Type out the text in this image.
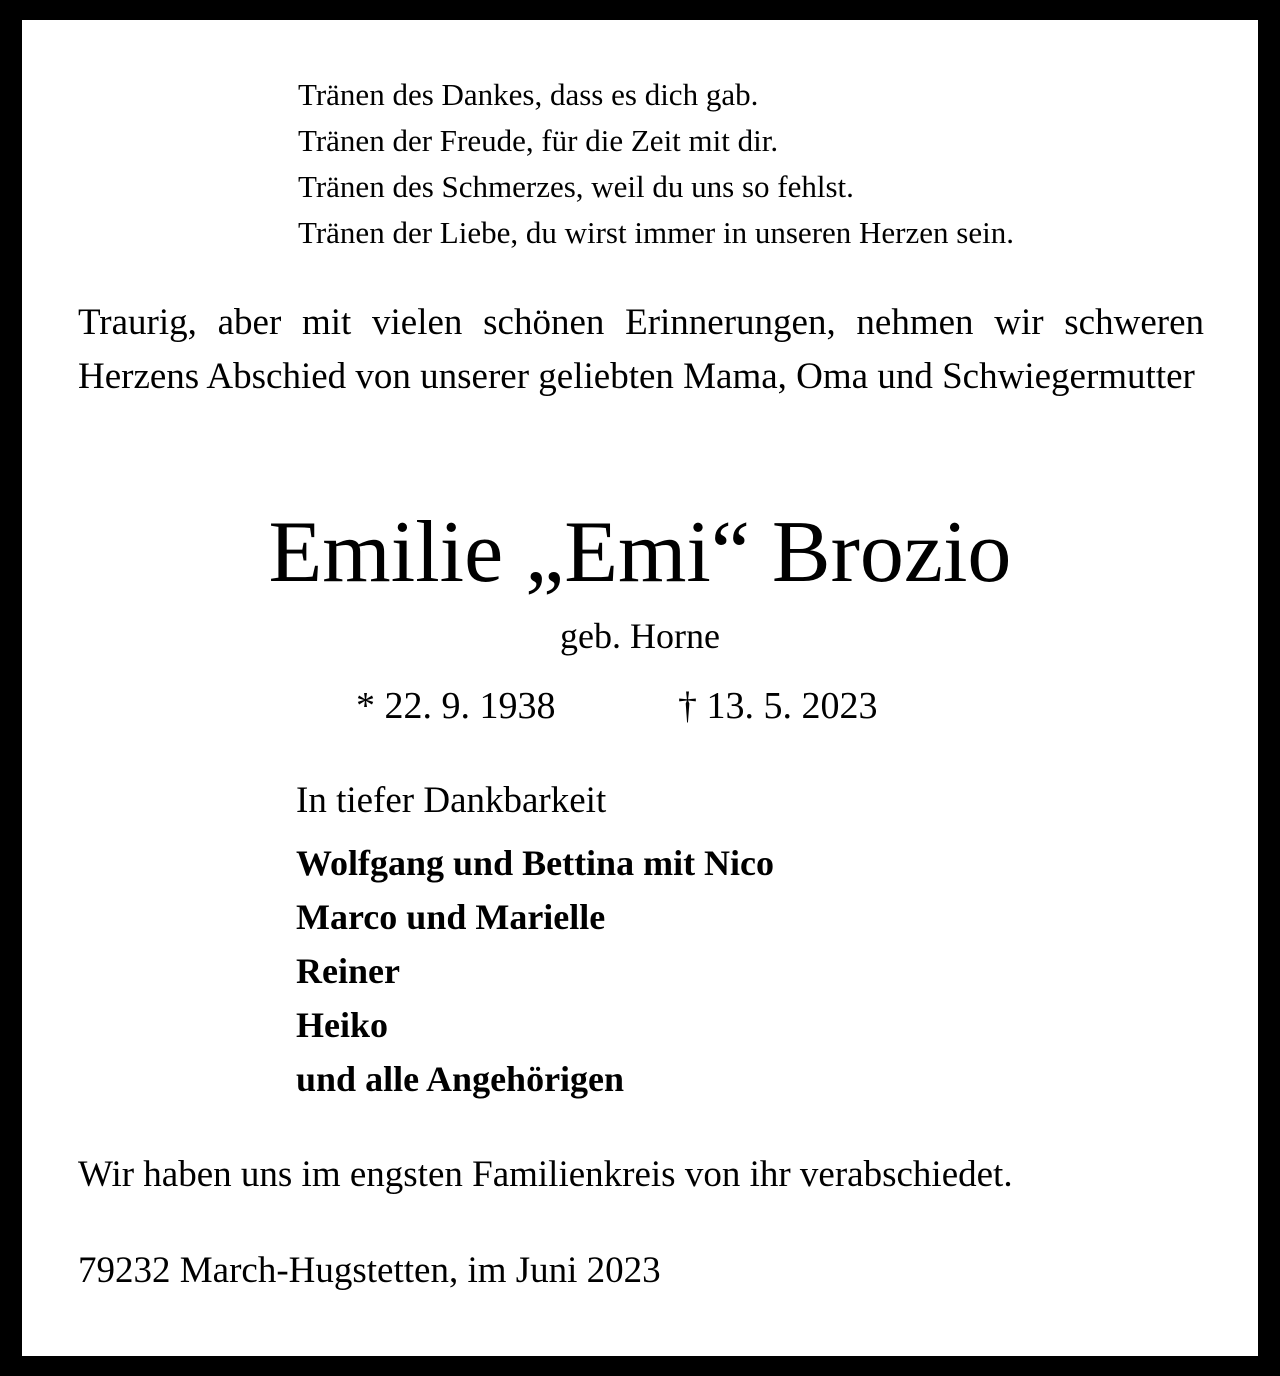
Tränen des Dankes, dass es dich gab.
Tränen der Freude, für die Zeit mit dir.
Tränen des Schmerzes, weil du uns so fehlst.
Tränen der Liebe, du wirst immer in unseren Herzen sein.
Traurig, aber mit vielen schönen Erinnerungen, nehmen wir schweren Herzens Abschied von unserer geliebten Mama, Oma und Schwiegermutter
Emilie „Emi“ Brozio
geb. Horne
* 22. 9. 1938	† 13. 5. 2023
In tiefer Dankbarkeit
Wolfgang und Bettina mit Nico
Marco und Marielle
Reiner
Heiko
und alle Angehörigen
Wir haben uns im engsten Familienkreis von ihr verabschiedet.
79232 March-Hugstetten, im Juni 2023
